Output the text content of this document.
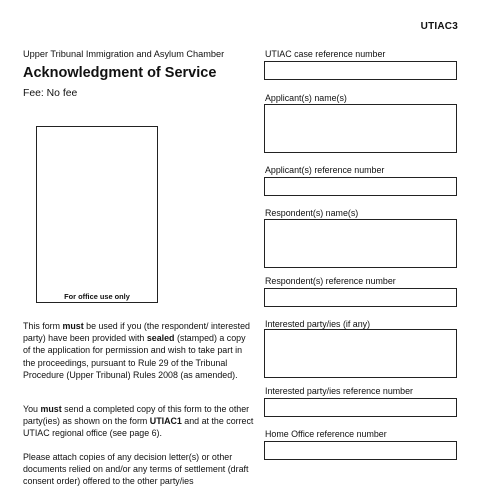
UTIAC3
Upper Tribunal Immigration and Asylum Chamber
Acknowledgment of Service
Fee: No fee
For office use only

This form must be used if you (the respondent/ interested party) have been provided with sealed (stamped) a copy of the application for permission and wish to take part in the proceedings, pursuant to Rule 29 of the Tribunal Procedure (Upper Tribunal) Rules 2008 (as amended).

You must send a completed copy of this form to the other party(ies) as shown on the form UTIAC1 and at the correct UTIAC regional office (see page 6).

Please attach copies of any decision letter(s) or other documents relied on and/or any terms of settlement (draft consent order) offered to the other party/ies

UTIAC case reference number
Applicant(s) name(s)
Applicant(s) reference number
Respondent(s) name(s)
Respondent(s) reference number
Interested party/ies (if any)
Interested party/ies reference number
Home Office reference number
